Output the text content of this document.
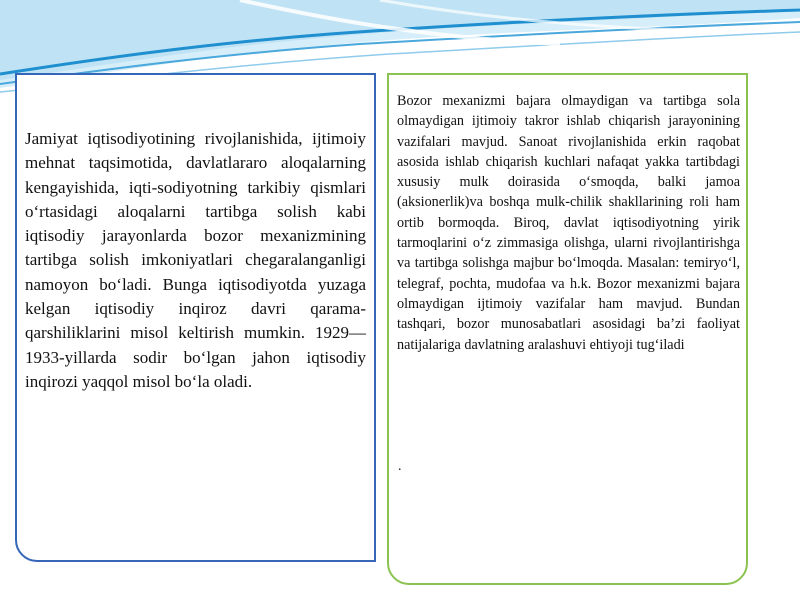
Jamiyat iqtisodiyotining rivojlanishida, ijtimoiy mehnat taqsimotida, davlatlararo aloqalarning kengayishida, iqti-sodiyotning tarkibiy qismlari o‘rtasidagi aloqalarni tartibga solish kabi iqtisodiy jarayonlarda bozor mexanizmining tartibga solish imkoniyatlari chegaralanganligi namoyon bo‘ladi. Bunga iqtisodiyotda yuzaga kelgan iqtisodiy inqiroz davri qarama-qarshiliklarini misol keltirish mumkin. 1929— 1933-yillarda sodir bo‘lgan jahon iqtisodiy inqirozi yaqqol misol bo‘la oladi.

Bozor mexanizmi bajara olmaydigan va tartibga sola olmaydigan ijtimoiy takror ishlab chiqarish jarayonining vazifalari mavjud. Sanoat rivojlanishida erkin raqobat asosida ishlab chiqarish kuchlari nafaqat yakka tartibdagi xususiy mulk doirasida o‘smoqda, balki jamoa (aksionerlik)va boshqa mulk-chilik shakllarining roli ham ortib bormoqda. Biroq, davlat iqtisodiyotning yirik tarmoqlarini o‘z zimmasiga olishga, ularni rivojlantirishga va tartibga solishga majbur bo‘lmoqda. Masalan: temiryo‘l, telegraf, pochta, mudofaa va h.k. Bozor mexanizmi bajara olmaydigan ijtimoiy vazifalar ham mavjud. Bundan tashqari, bozor munosabatlari asosidagi ba’zi faoliyat natijalariga davlatning aralashuvi ehtiyoji tug‘iladi

.
